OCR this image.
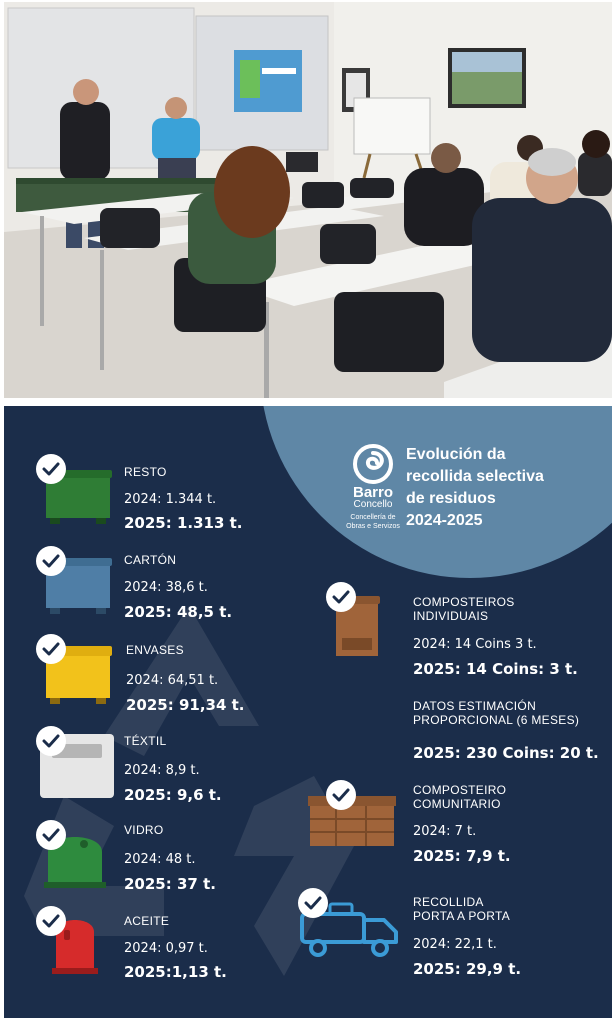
Barro
Concello
Concellería de Obras e Servizos
Evolución da
recollida selectiva
de residuos
2024-2025
RESTO
2024: 1.344 t.
2025: 1.313 t.
CARTÓN
2024: 38,6 t.
2025: 48,5 t.
ENVASES
2024: 64,51 t.
2025: 91,34 t.
TÉXTIL
2024: 8,9 t.
2025: 9,6 t.
VIDRO
2024: 48 t.
2025: 37 t.
ACEITE
2024: 0,97 t.
2025:1,13 t.
COMPOSTEIROS
INDIVIDUAIS
2024: 14 Coins 3 t.
2025: 14 Coins: 3 t.
DATOS ESTIMACIÓN
PROPORCIONAL (6 MESES)
2025: 230 Coins: 20 t.
COMPOSTEIRO
COMUNITARIO
2024: 7 t.
2025: 7,9 t.
RECOLLIDA
PORTA A PORTA
2024: 22,1 t.
2025: 29,9 t.
